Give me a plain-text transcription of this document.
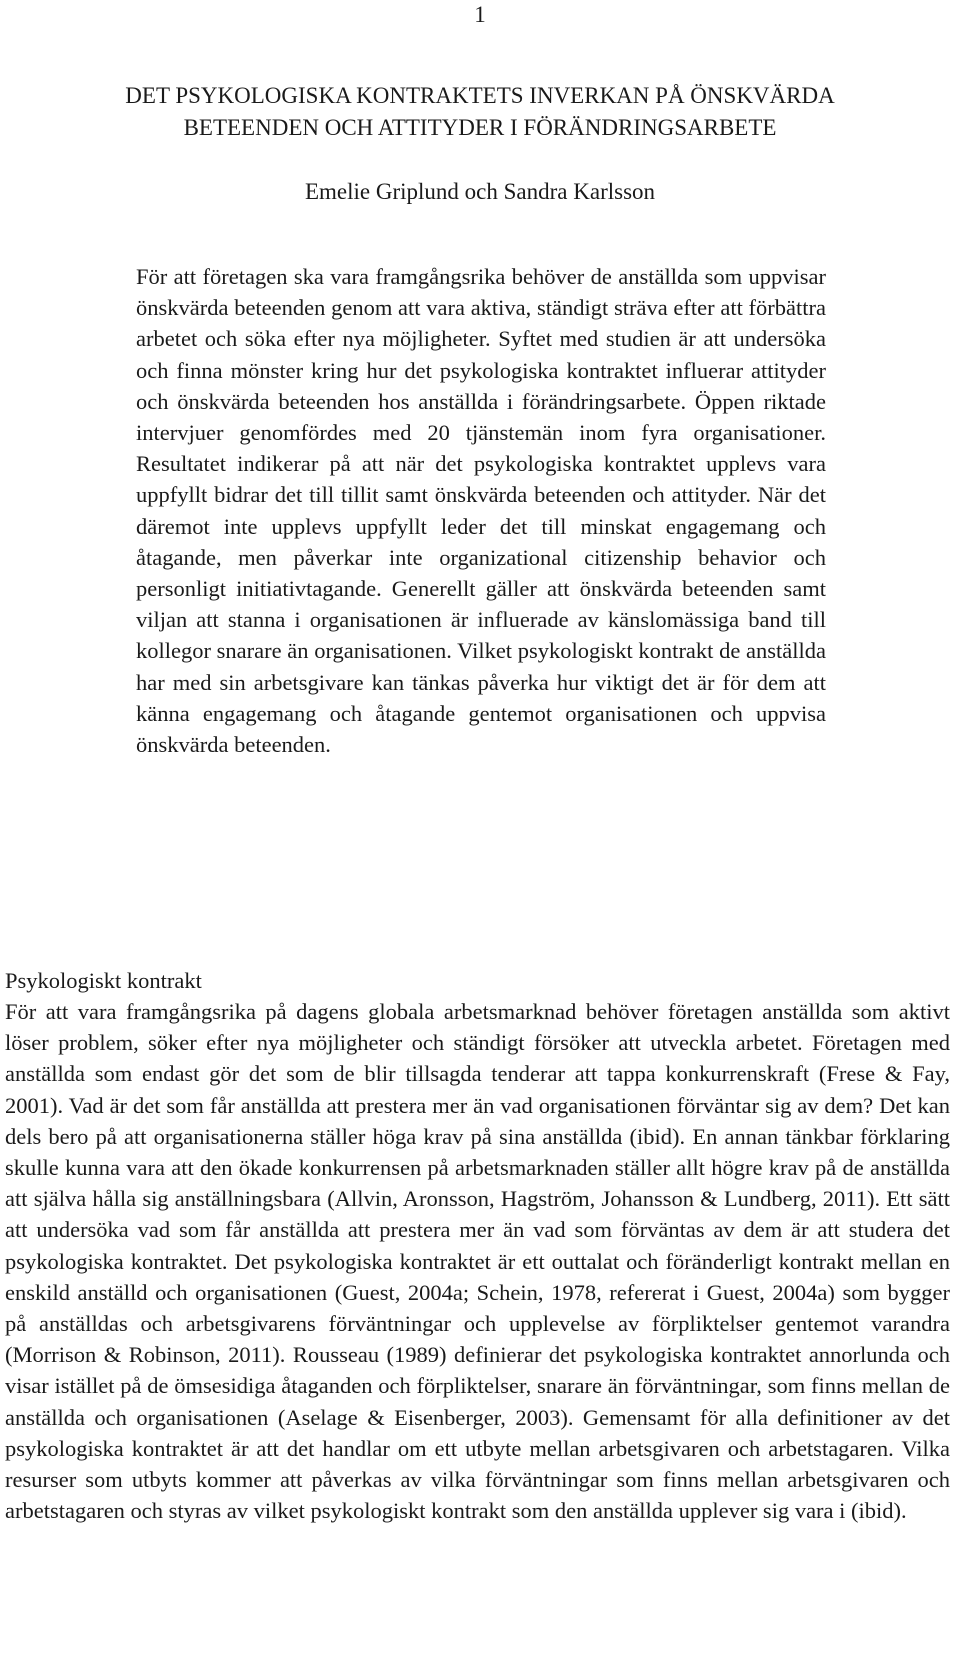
1
DET PSYKOLOGISKA KONTRAKTETS INVERKAN PÅ ÖNSKVÄRDA
BETEENDEN OCH ATTITYDER I FÖRÄNDRINGSARBETE
Emelie Griplund och Sandra Karlsson

För att företagen ska vara framgångsrika behöver de anställda som uppvisar önskvärda beteenden genom att vara aktiva, ständigt sträva efter att förbättra arbetet och söka efter nya möjligheter. Syftet med studien är att undersöka och finna mönster kring hur det psykologiska kontraktet influerar attityder och önskvärda beteenden hos anställda i förändringsarbete. Öppen riktade intervjuer genomfördes med 20 tjänstemän inom fyra organisationer. Resultatet indikerar på att när det psykologiska kontraktet upplevs vara uppfyllt bidrar det till tillit samt önskvärda beteenden och attityder. När det däremot inte upplevs uppfyllt leder det till minskat engagemang och åtagande, men påverkar inte organizational citizenship behavior och personligt initiativtagande. Generellt gäller att önskvärda beteenden samt viljan att stanna i organisationen är influerade av känslomässiga band till kollegor snarare än organisationen. Vilket psykologiskt kontrakt de anställda har med sin arbetsgivare kan tänkas påverka hur viktigt det är för dem att känna engagemang och åtagande gentemot organisationen och uppvisa önskvärda beteenden.

Psykologiskt kontrakt

För att vara framgångsrika på dagens globala arbetsmarknad behöver företagen anställda som aktivt löser problem, söker efter nya möjligheter och ständigt försöker att utveckla arbetet. Företagen med anställda som endast gör det som de blir tillsagda tenderar att tappa konkurrenskraft (Frese & Fay, 2001). Vad är det som får anställda att prestera mer än vad organisationen förväntar sig av dem? Det kan dels bero på att organisationerna ställer höga krav på sina anställda (ibid). En annan tänkbar förklaring skulle kunna vara att den ökade konkurrensen på arbetsmarknaden ställer allt högre krav på de anställda att själva hålla sig anställningsbara (Allvin, Aronsson, Hagström, Johansson & Lundberg, 2011). Ett sätt att undersöka vad som får anställda att prestera mer än vad som förväntas av dem är att studera det psykologiska kontraktet. Det psykologiska kontraktet är ett outtalat och föränderligt kontrakt mellan en enskild anställd och organisationen (Guest, 2004a; Schein, 1978, refererat i Guest, 2004a) som bygger på anställdas och arbetsgivarens förväntningar och upplevelse av förpliktelser gentemot varandra (Morrison & Robinson, 2011). Rousseau (1989) definierar det psykologiska kontraktet annorlunda och visar istället på de ömsesidiga åtaganden och förpliktelser, snarare än förväntningar, som finns mellan de anställda och organisationen (Aselage & Eisenberger, 2003). Gemensamt för alla definitioner av det psykologiska kontraktet är att det handlar om ett utbyte mellan arbetsgivaren och arbetstagaren. Vilka resurser som utbyts kommer att påverkas av vilka förväntningar som finns mellan arbetsgivaren och arbetstagaren och styras av vilket psykologiskt kontrakt som den anställda upplever sig vara i (ibid).
